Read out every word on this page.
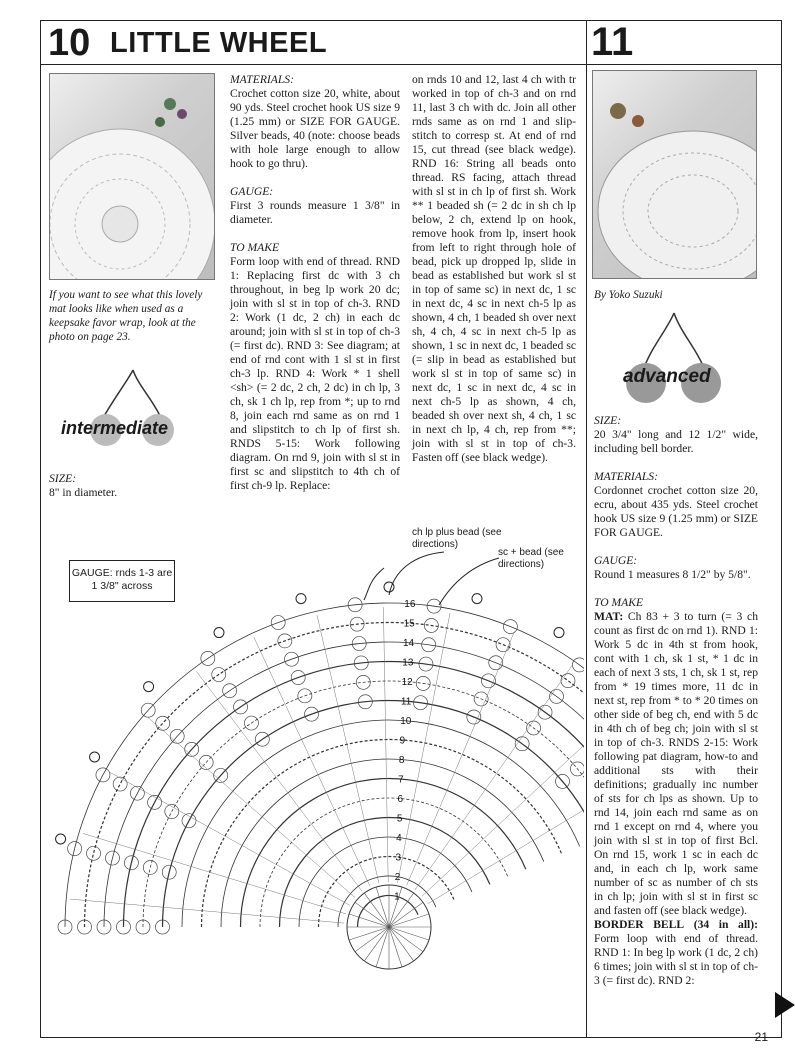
10 LITTLE WHEEL	11
If you want to see what this lovely mat looks like when used as a keepsake favor wrap, look at the photo on page 23.
intermediate

SIZE:

8" in diameter.

MATERIALS:

Crochet cotton size 20, white, about 90 yds. Steel crochet hook US size 9 (1.25 mm) or SIZE FOR GAUGE. Silver beads, 40 (note: choose beads with hole large enough to allow hook to go thru).

GAUGE:

First 3 rounds measure 1 3/8" in diameter.

TO MAKE

Form loop with end of thread. RND 1: Replacing first dc with 3 ch throughout, in beg lp work 20 dc; join with sl st in top of ch-3. RND 2: Work (1 dc, 2 ch) in each dc around; join with sl st in top of ch-3 (= first dc). RND 3: See diagram; at end of rnd cont with 1 sl st in first ch-3 lp. RND 4: Work * 1 shell <sh> (= 2 dc, 2 ch, 2 dc) in ch lp, 3 ch, sk 1 ch lp, rep from *; up to rnd 8, join each rnd same as on rnd 1 and slipstitch to ch lp of first sh. RNDS 5-15: Work following diagram. On rnd 9, join with sl st in first sc and slipstitch to 4th ch of first ch-9 lp. Replace:

on rnds 10 and 12, last 4 ch with tr worked in top of ch-3 and on rnd 11, last 3 ch with dc. Join all other rnds same as on rnd 1 and slip-stitch to corresp st. At end of rnd 15, cut thread (see black wedge). RND 16: String all beads onto thread. RS facing, attach thread with sl st in ch lp of first sh. Work ** 1 beaded sh (= 2 dc in sh ch lp below, 2 ch, extend lp on hook, remove hook from lp, insert hook from left to right through hole of bead, pick up dropped lp, slide in bead as established but work sl st in top of same sc) in next dc, 1 sc in next dc, 4 sc in next ch-5 lp as shown, 4 ch, 1 beaded sh over next sh, 4 ch, 4 sc in next ch-5 lp as shown, 1 sc in next dc, 1 beaded sc (= slip in bead as established but work sl st in top of same sc) in next dc, 1 sc in next dc, 4 sc in next ch-5 lp as shown, 4 ch, beaded sh over next sh, 4 ch, 1 sc in next ch lp, 4 ch, rep from **; join with sl st in top of ch-3. Fasten off (see black wedge).

GAUGE: rnds 1-3 are 1 3/8" across
ch lp plus bead (see directions)
sc + bead (see directions)
16
15
14
13
12
11
10
9
8
7
6
5
4
3
2
1
By Yoko Suzuki
advanced

SIZE:

20 3/4" long and 12 1/2" wide, including bell border.

MATERIALS:

Cordonnet crochet cotton size 20, ecru, about 435 yds. Steel crochet hook US size 9 (1.25 mm) or SIZE FOR GAUGE.

GAUGE:

Round 1 measures 8 1/2" by 5/8".

TO MAKE

MAT: Ch 83 + 3 to turn (= 3 ch count as first dc on rnd 1). RND 1: Work 5 dc in 4th st from hook, cont with 1 ch, sk 1 st, * 1 dc in each of next 3 sts, 1 ch, sk 1 st, rep from * 19 times more, 11 dc in next st, rep from * to * 20 times on other side of beg ch, end with 5 dc in 4th ch of beg ch; join with sl st in top of ch-3. RNDS 2-15: Work following pat diagram, how-to and additional sts with their definitions; gradually inc number of sts for ch lps as shown. Up to rnd 14, join each rnd same as on rnd 1 except on rnd 4, where you join with sl st in top of first Bcl. On rnd 15, work 1 sc in each dc and, in each ch lp, work same number of sc as number of ch sts in ch lp; join with sl st in first sc and fasten off (see black wedge).

BORDER BELL (34 in all): Form loop with end of thread. RND 1: In beg lp work (1 dc, 2 ch) 6 times; join with sl st in top of ch-3 (= first dc). RND 2:

21
